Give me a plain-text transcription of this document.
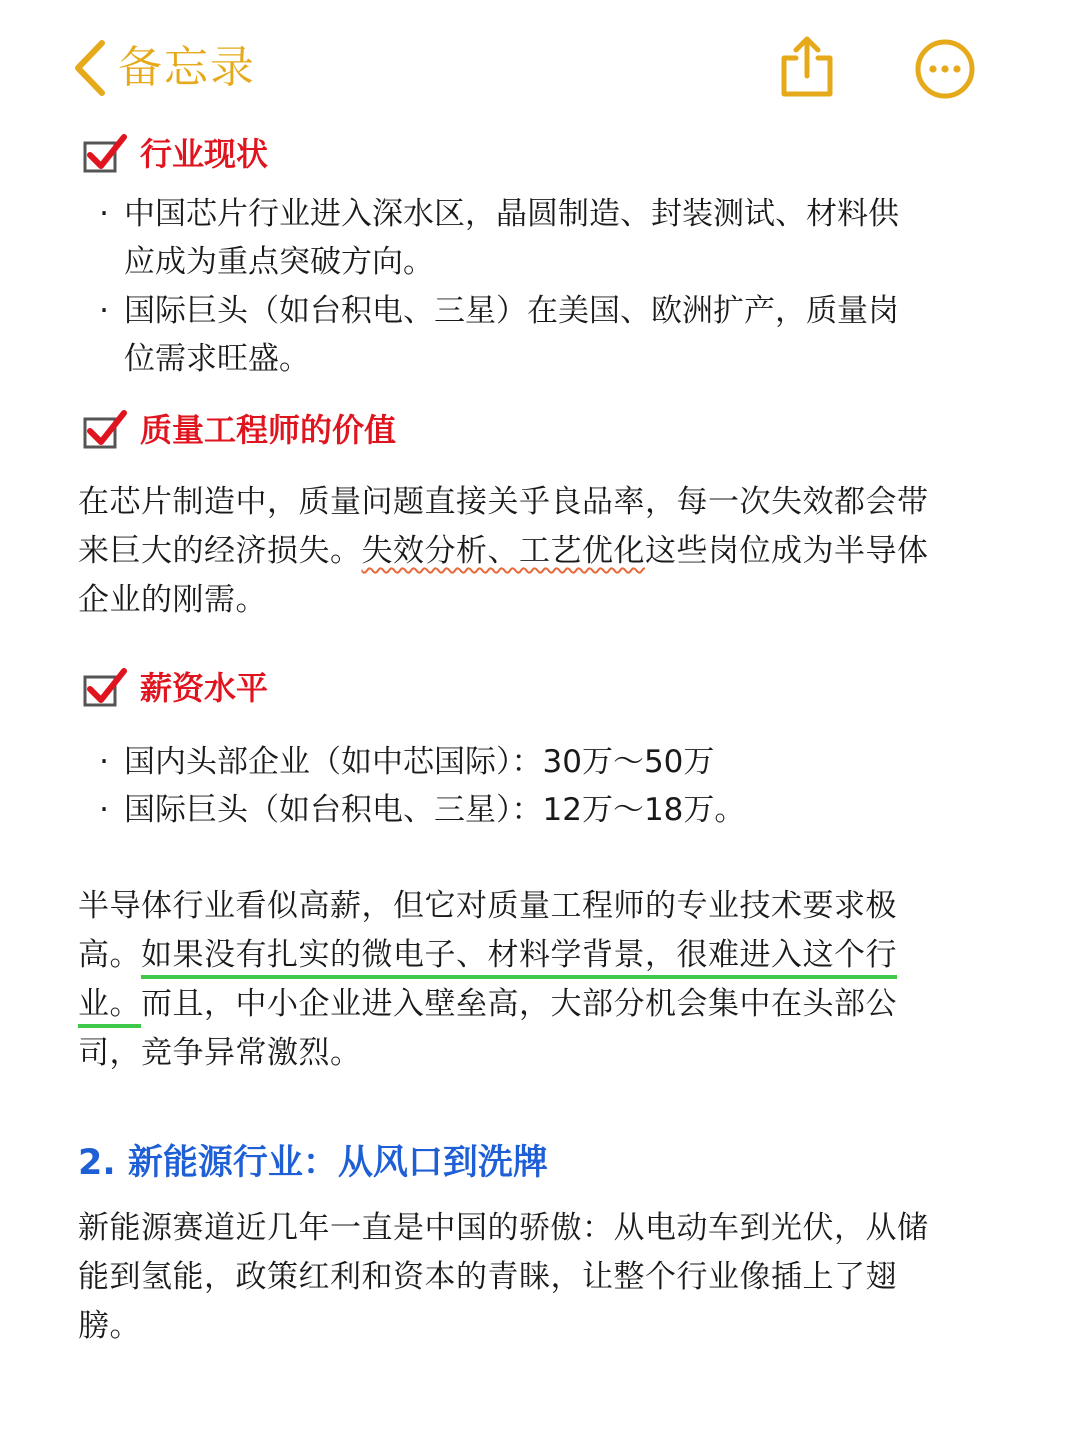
备忘录
行业现状
· 中国芯片行业进入深水区，晶圆制造、封装测试、材料供
应成为重点突破方向。
· 国际巨头（如台积电、三星）在美国、欧洲扩产，质量岗
位需求旺盛。
质量工程师的价值
在芯片制造中，质量问题直接关乎良品率，每一次失效都会带
来巨大的经济损失。失效分析、工艺优化这些岗位成为半导体
企业的刚需。
薪资水平
· 国内头部企业（如中芯国际）：30万～50万
· 国际巨头（如台积电、三星）：12万～18万。
半导体行业看似高薪，但它对质量工程师的专业技术要求极
高。如果没有扎实的微电子、材料学背景，很难进入这个行
业。而且，中小企业进入壁垒高，大部分机会集中在头部公
司，竞争异常激烈。
2. 新能源行业：从风口到洗牌
新能源赛道近几年一直是中国的骄傲：从电动车到光伏，从储
能到氢能，政策红利和资本的青睐，让整个行业像插上了翅
膀。
